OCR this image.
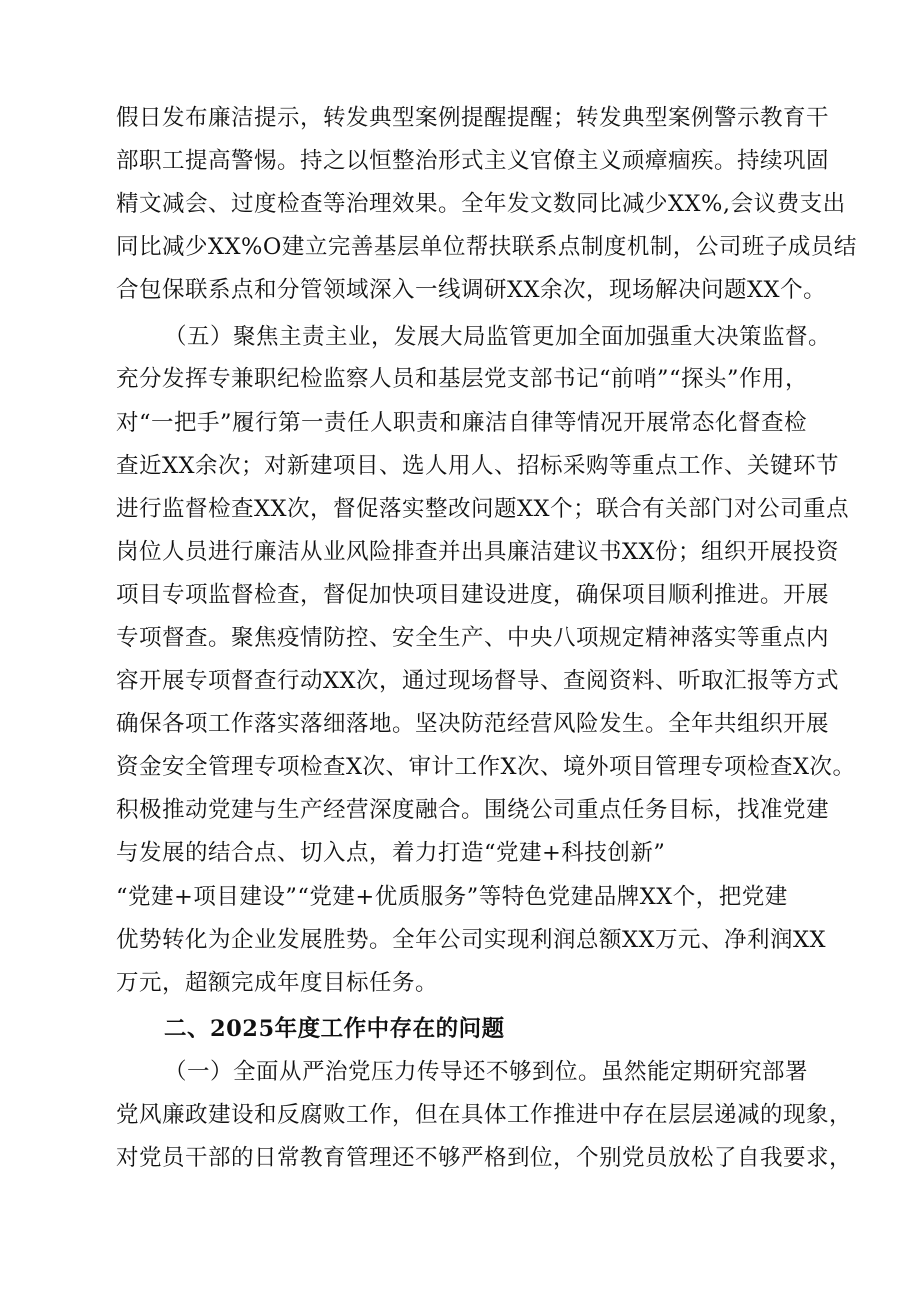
假日发布廉洁提示，转发典型案例提醒提醒；转发典型案例警示教育干
部职工提高警惕。持之以恒整治形式主义官僚主义顽瘴痼疾。持续巩固
精文减会、过度检查等治理效果。全年发文数同比减少XX%,会议费支出
同比减少XX%O建立完善基层单位帮扶联系点制度机制，公司班子成员结
合包保联系点和分管领域深入一线调研XX余次，现场解决问题XX个。
（五）聚焦主责主业，发展大局监管更加全面加强重大决策监督。
充分发挥专兼职纪检监察人员和基层党支部书记“前哨”“探头”作用，
对“一把手”履行第一责任人职责和廉洁自律等情况开展常态化督查检
查近XX余次；对新建项目、选人用人、招标采购等重点工作、关键环节
进行监督检查XX次，督促落实整改问题XX个；联合有关部门对公司重点
岗位人员进行廉洁从业风险排查并出具廉洁建议书XX份；组织开展投资
项目专项监督检查，督促加快项目建设进度，确保项目顺利推进。开展
专项督查。聚焦疫情防控、安全生产、中央八项规定精神落实等重点内
容开展专项督查行动XX次，通过现场督导、查阅资料、听取汇报等方式
确保各项工作落实落细落地。坚决防范经营风险发生。全年共组织开展
资金安全管理专项检查X次、审计工作X次、境外项目管理专项检查X次。
积极推动党建与生产经营深度融合。围绕公司重点任务目标，找准党建
与发展的结合点、切入点，着力打造“党建+科技创新”
“党建+项目建设”“党建+优质服务”等特色党建品牌XX个，把党建
优势转化为企业发展胜势。全年公司实现利润总额XX万元、净利润XX
万元，超额完成年度目标任务。
二、2025年度工作中存在的问题
（一）全面从严治党压力传导还不够到位。虽然能定期研究部署
党风廉政建设和反腐败工作，但在具体工作推进中存在层层递减的现象，
对党员干部的日常教育管理还不够严格到位，个别党员放松了自我要求，
